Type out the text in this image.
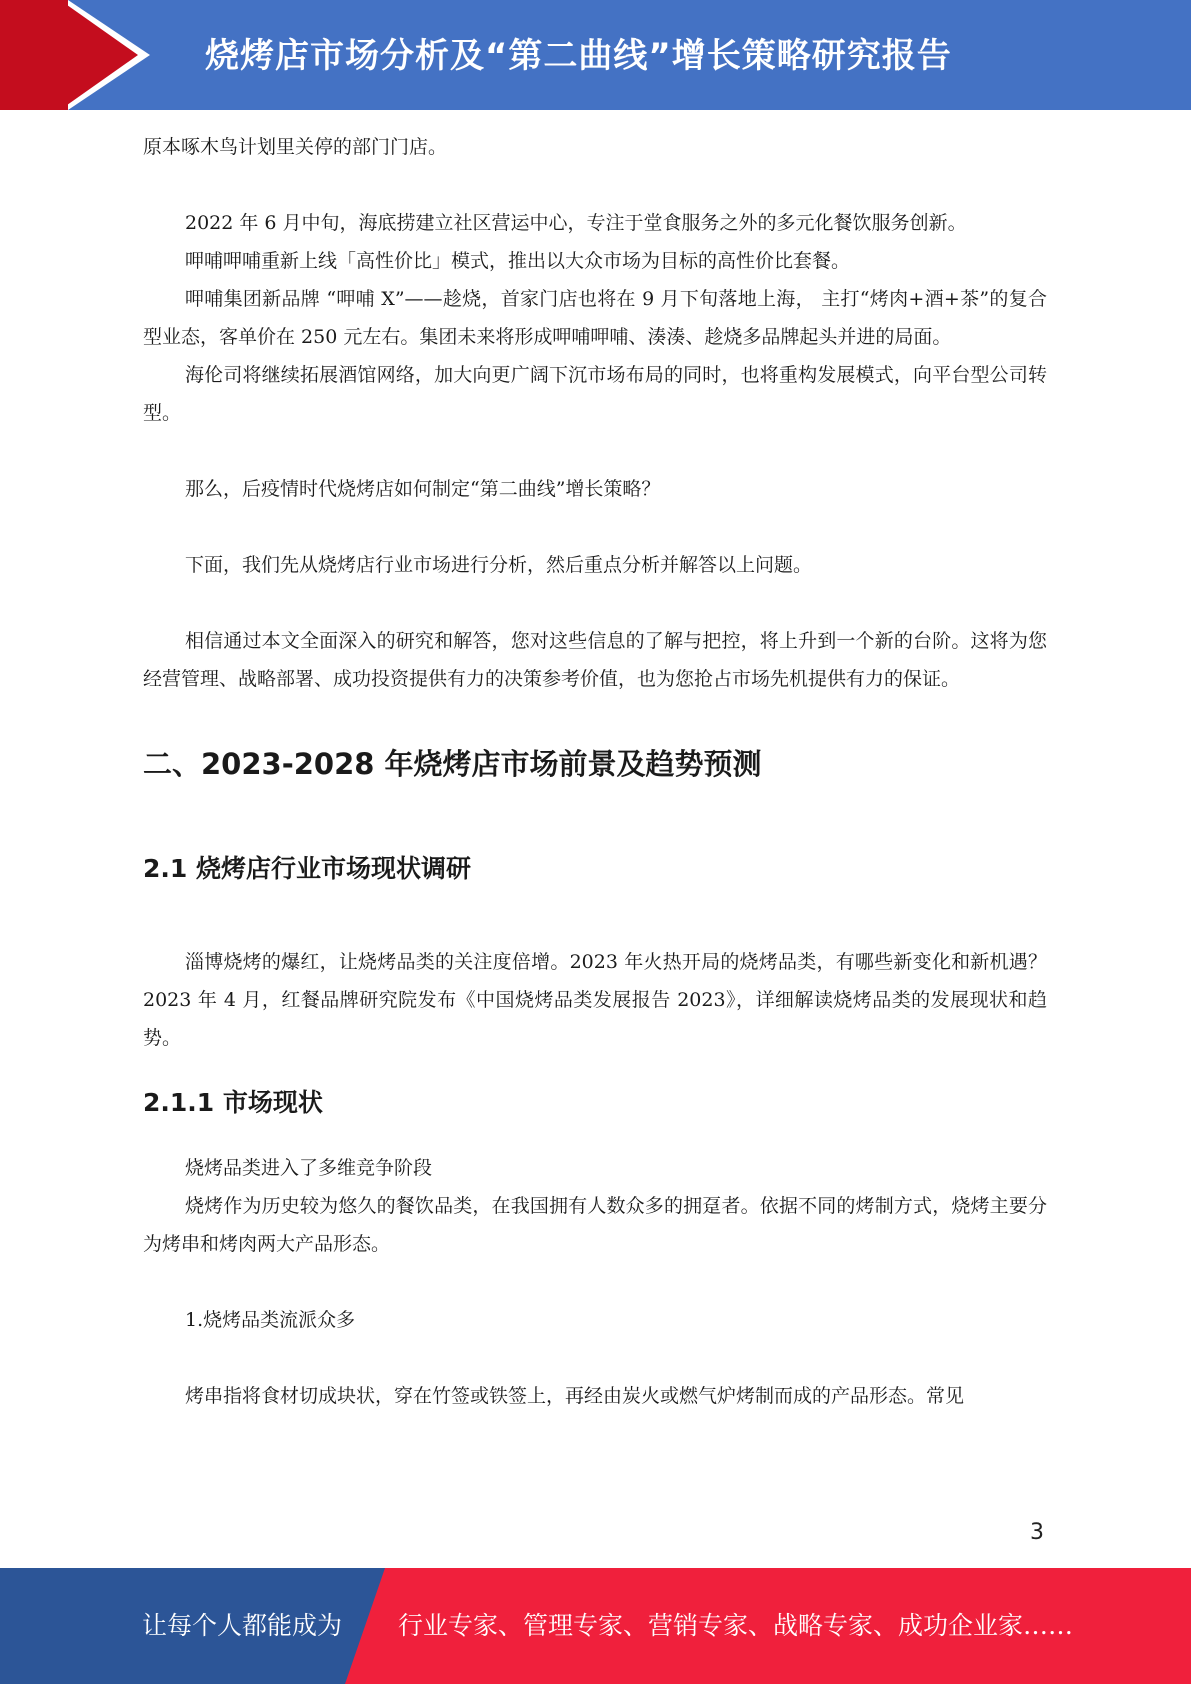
烧烤店市场分析及“第二曲线”增长策略研究报告

原本啄木鸟计划里关停的部门门店。

2022 年 6 月中旬，海底捞建立社区营运中心，专注于堂食服务之外的多元化餐饮服务创新。

呷哺呷哺重新上线「高性价比」模式，推出以大众市场为目标的高性价比套餐。

呷哺集团新品牌 “呷哺 X”——趁烧，首家门店也将在 9 月下旬落地上海， 主打“烤肉+酒+茶”的复合型业态，客单价在 250 元左右。集团未来将形成呷哺呷哺、湊湊、趁烧多品牌起头并进的局面。

海伦司将继续拓展酒馆网络，加大向更广阔下沉市场布局的同时，也将重构发展模式，向平台型公司转型。

那么，后疫情时代烧烤店如何制定“第二曲线”增长策略？

下面，我们先从烧烤店行业市场进行分析，然后重点分析并解答以上问题。

相信通过本文全面深入的研究和解答，您对这些信息的了解与把控，将上升到一个新的台阶。这将为您经营管理、战略部署、成功投资提供有力的决策参考价值，也为您抢占市场先机提供有力的保证。

二、2023-2028 年烧烤店市场前景及趋势预测
2.1 烧烤店行业市场现状调研

淄博烧烤的爆红，让烧烤品类的关注度倍增。2023 年火热开局的烧烤品类，有哪些新变化和新机遇？2023 年 4 月，红餐品牌研究院发布《中国烧烤品类发展报告 2023》，详细解读烧烤品类的发展现状和趋势。

2.1.1 市场现状

烧烤品类进入了多维竞争阶段

烧烤作为历史较为悠久的餐饮品类，在我国拥有人数众多的拥趸者。依据不同的烤制方式，烧烤主要分为烤串和烤肉两大产品形态。

1.烧烤品类流派众多

烤串指将食材切成块状，穿在竹签或铁签上，再经由炭火或燃气炉烤制而成的产品形态。常见

3
让每个人都能成为 行业专家、管理专家、营销专家、战略专家、成功企业家……
